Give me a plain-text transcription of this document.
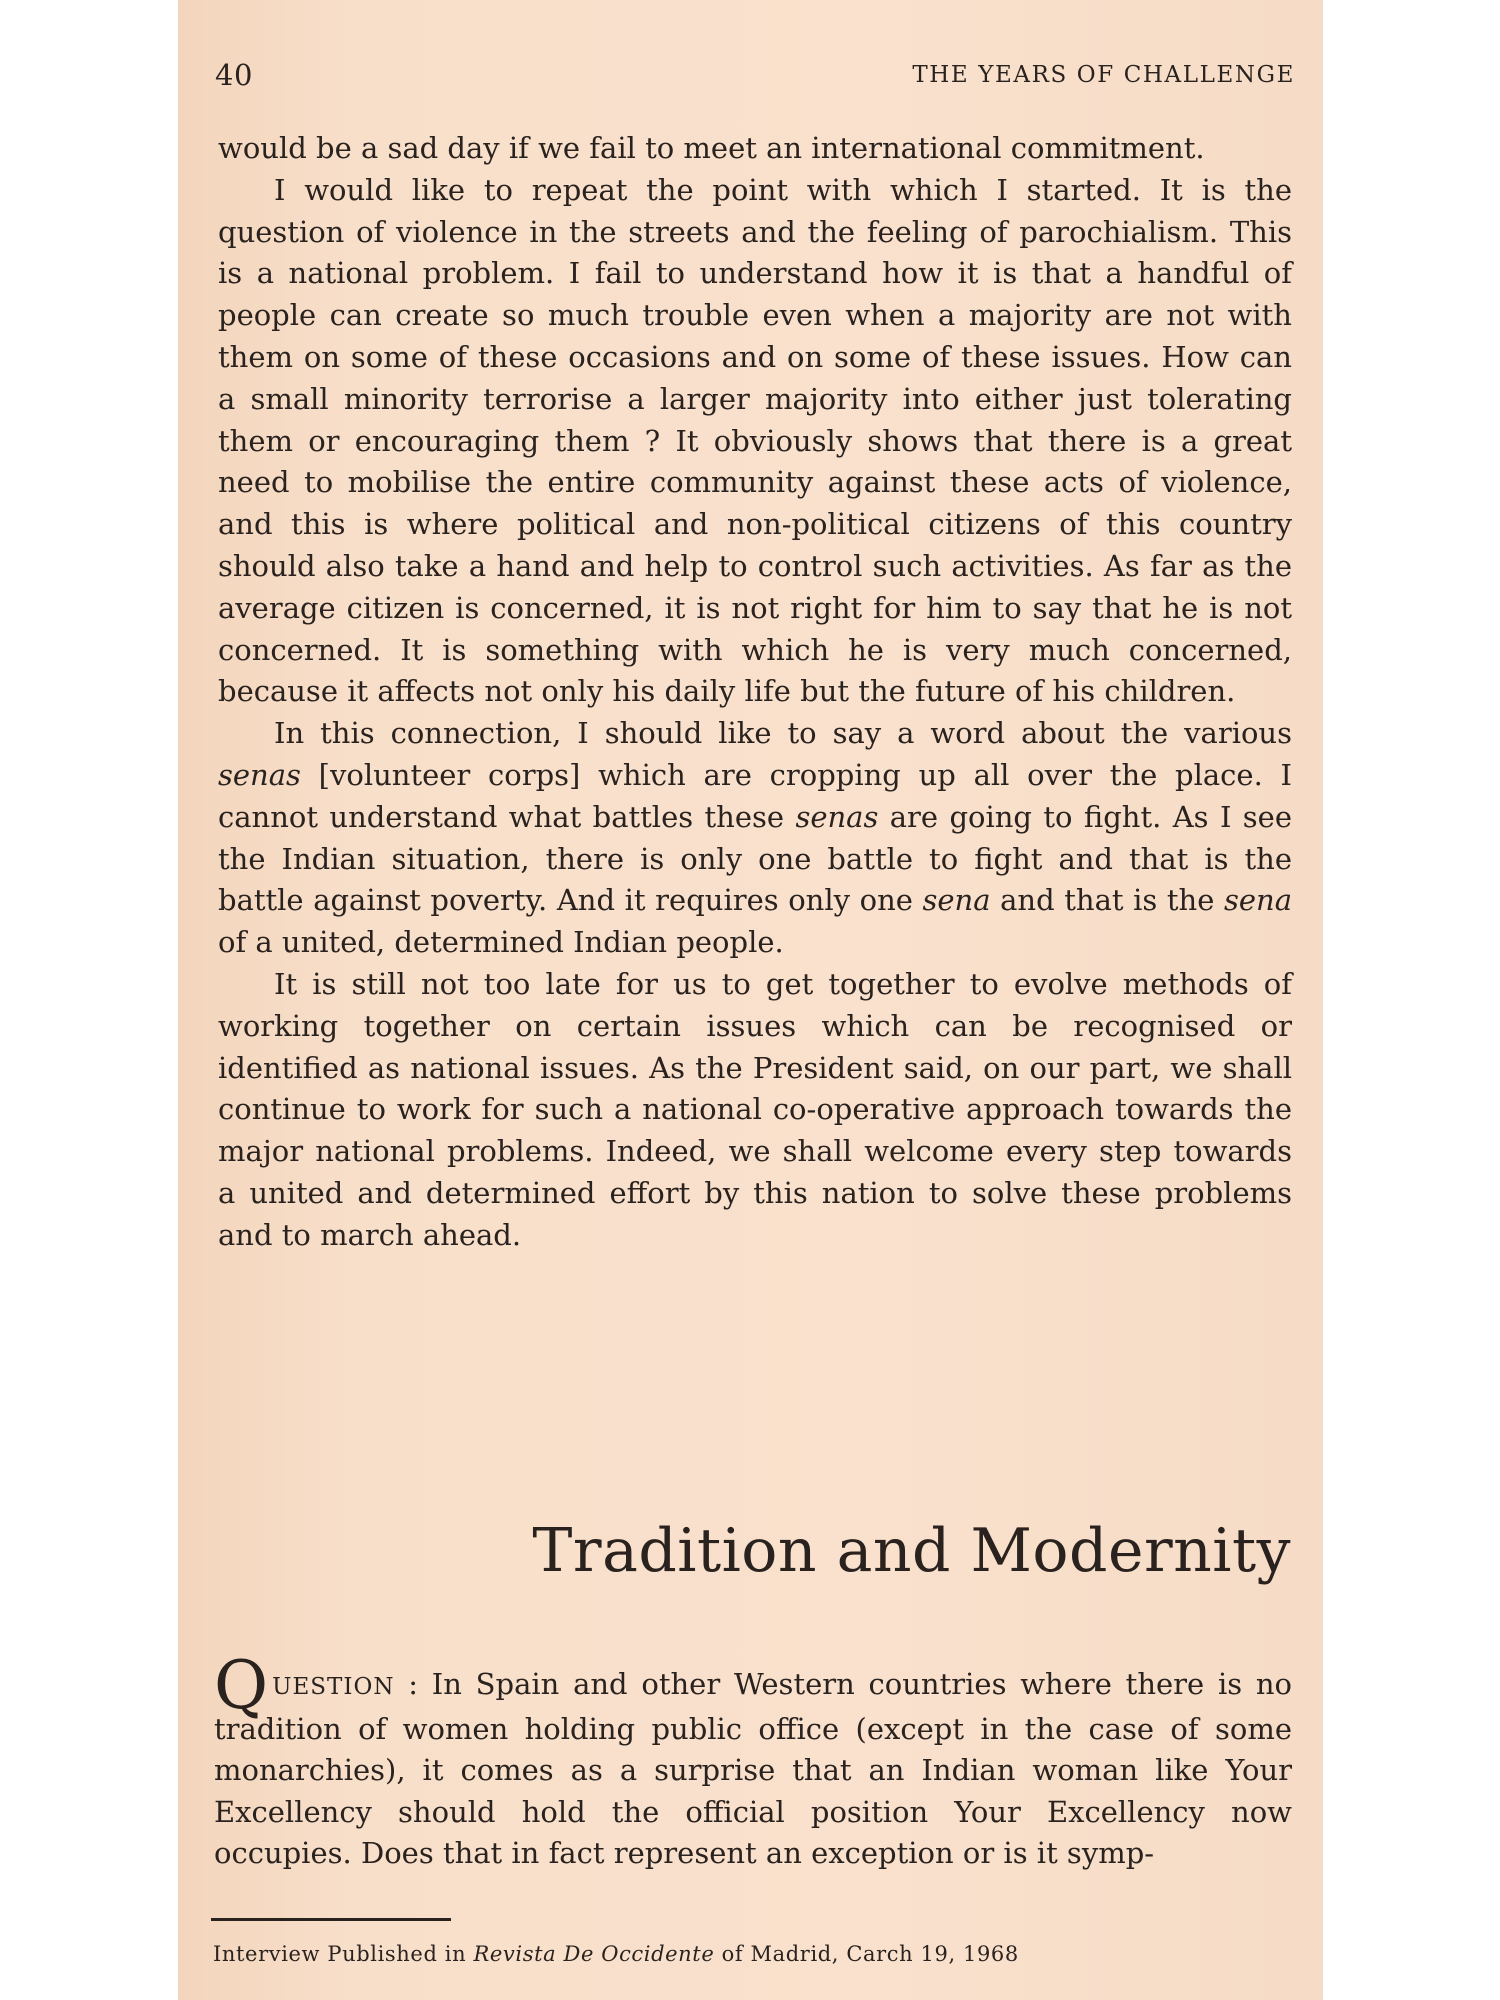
40	THE YEARS OF CHALLENGE

would be a sad day if we fail to meet an international commitment.

I would like to repeat the point with which I started. It is the question of violence in the streets and the feeling of parochialism. This is a national problem. I fail to understand how it is that a handful of people can create so much trouble even when a majority are not with them on some of these occasions and on some of these issues. How can a small minority terrorise a larger majority into either just tolerating them or encouraging them ? It obviously shows that there is a great need to mobilise the entire community against these acts of violence, and this is where political and non-political citizens of this country should also take a hand and help to control such activities. As far as the average citizen is concerned, it is not right for him to say that he is not concerned. It is something with which he is very much concerned, because it affects not only his daily life but the future of his children.

In this connection, I should like to say a word about the various senas [volunteer corps] which are cropping up all over the place. I cannot understand what battles these senas are going to fight. As I see the Indian situation, there is only one battle to fight and that is the battle against poverty. And it requires only one sena and that is the sena of a united, determined Indian people.

It is still not too late for us to get together to evolve methods of working together on certain issues which can be recognised or identified as national issues. As the President said, on our part, we shall continue to work for such a national co-operative approach towards the major national problems. Indeed, we shall welcome every step towards a united and determined effort by this nation to solve these problems and to march ahead.

Tradition and Modernity
QUESTION : In Spain and other Western countries where there is no tradition of women holding public office (except in the case of some monarchies), it comes as a surprise that an Indian woman like Your Excellency should hold the official position Your Excellency now occupies. Does that in fact represent an exception or is it symp-
Interview Published in Revista De Occidente of Madrid, Carch 19, 1968
